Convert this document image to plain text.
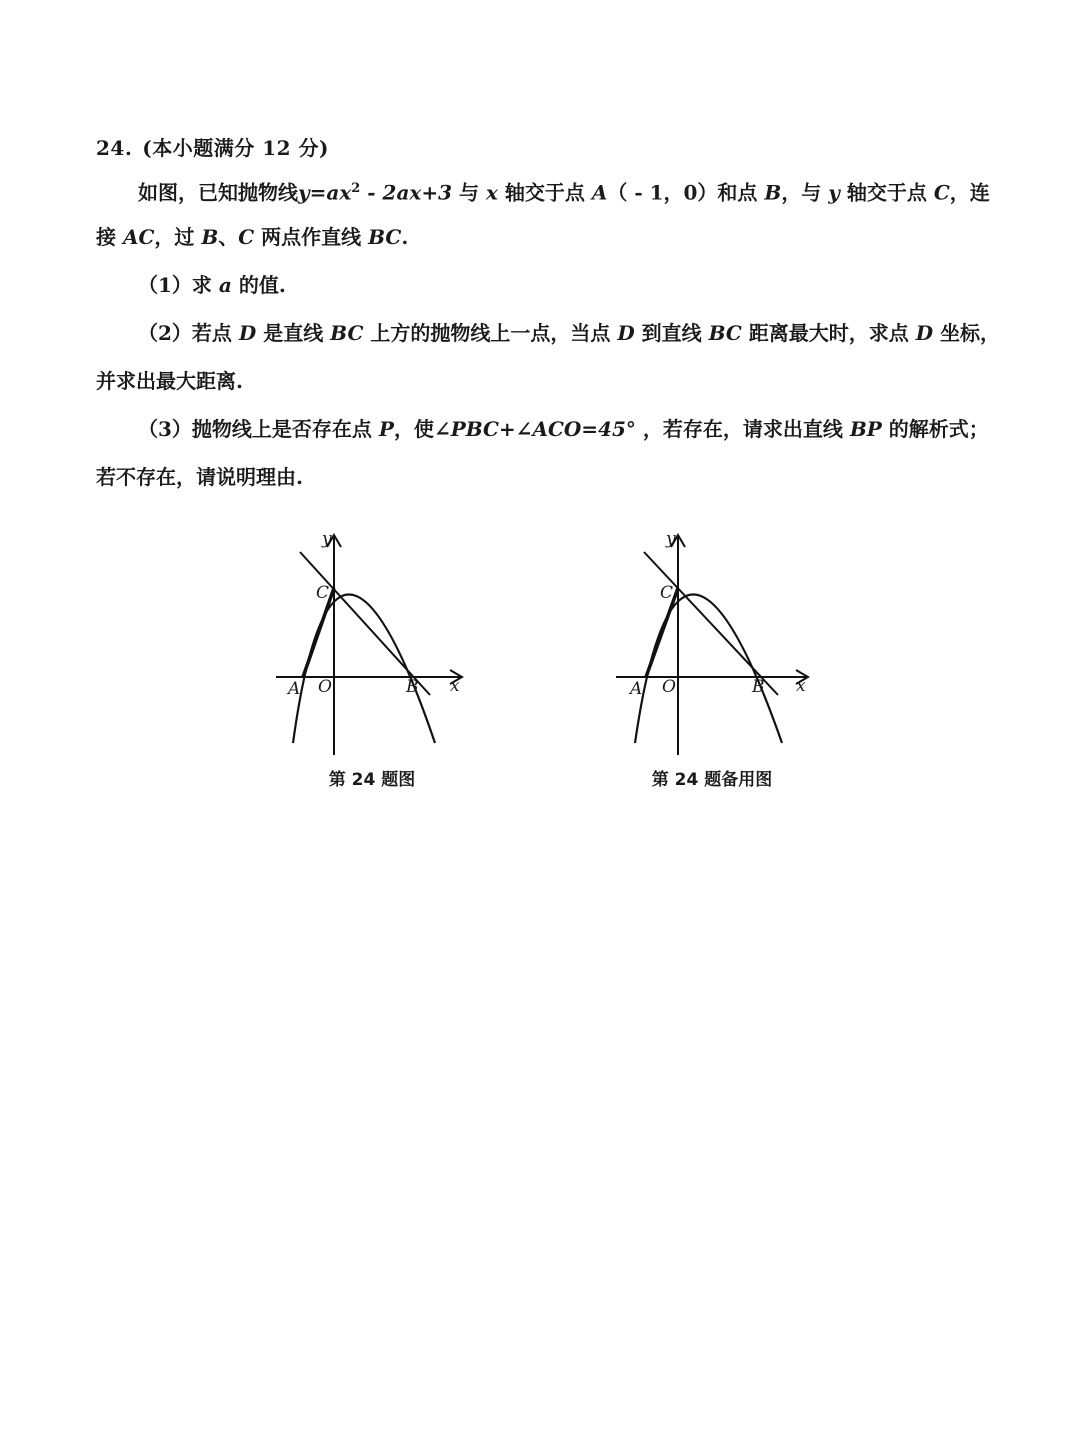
24. (本小题满分 12 分)
如图，已知抛物线$y=ax^2 - 2ax+3$ 与 x 轴交于点 A（ - 1，0）和点 B，与 y 轴交于点 C，连
接 AC，过 B、C 两点作直线 BC.
（1）求 a 的值.
（2）若点 D 是直线 BC 上方的抛物线上一点，当点 D 到直线 BC 距离最大时，求点 D 坐标，
并求出最大距离.
（3）抛物线上是否存在点 P，使∠PBC+∠ACO=45° ，若存在，请求出直线 BP 的解析式；
若不存在，请说明理由.
y
x
A O	B
C
第 24 题图
y
x
A O	B
C
第 24 题备用图
